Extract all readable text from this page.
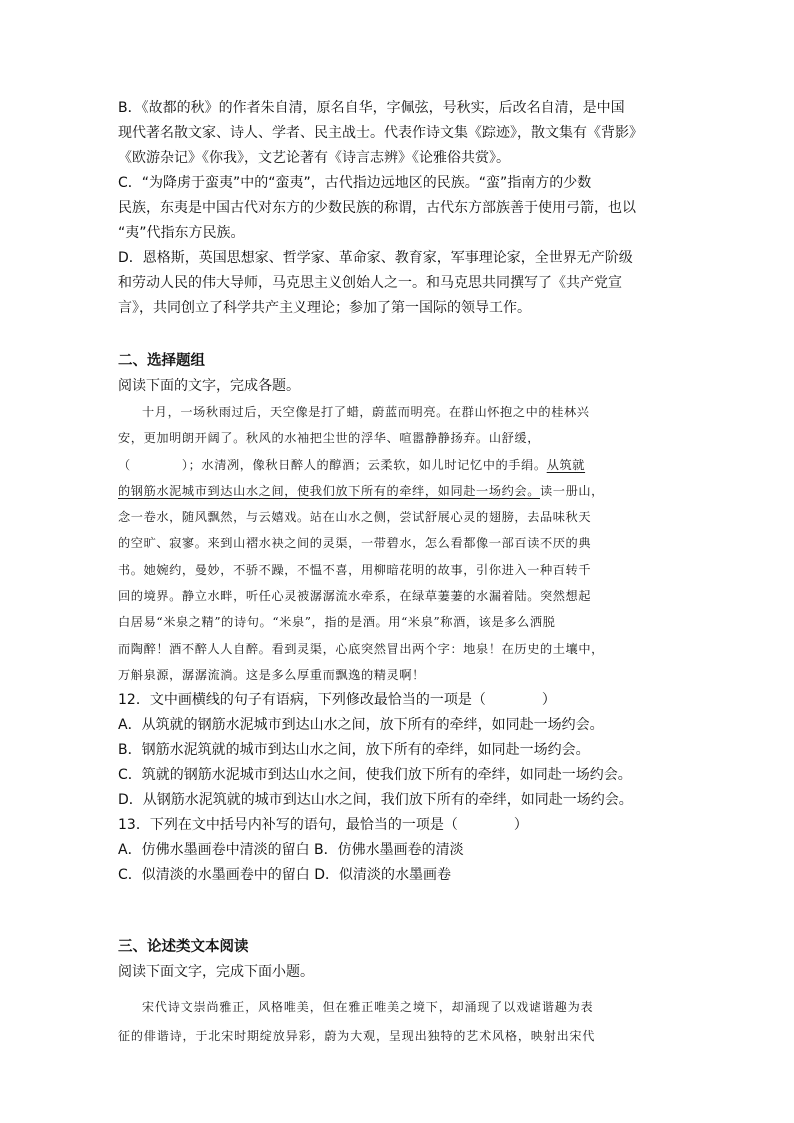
B．《故都的秋》的作者朱自清，原名自华，字佩弦，号秋实，后改名自清，是中国
现代著名散文家、诗人、学者、民主战士。代表作诗文集《踪迹》，散文集有《背影》
《欧游杂记》《你我》，文艺论著有《诗言志辨》《论雅俗共赏》。
C．“为降虏于蛮夷”中的“蛮夷”，古代指边远地区的民族。“蛮”指南方的少数
民族，东夷是中国古代对东方的少数民族的称谓，古代东方部族善于使用弓箭，也以
“夷”代指东方民族。
D．恩格斯，英国思想家、哲学家、革命家、教育家，军事理论家，全世界无产阶级
和劳动人民的伟大导师，马克思主义创始人之一。和马克思共同撰写了《共产党宣
言》，共同创立了科学共产主义理论；参加了第一国际的领导工作。
二、选择题组
阅读下面的文字，完成各题。
十月，一场秋雨过后，天空像是打了蜡，蔚蓝而明亮。在群山怀抱之中的桂林兴
安，更加明朗开阔了。秋风的水袖把尘世的浮华、喧嚣静静扬弃。山舒缓，
（　　　　）；水清冽，像秋日醉人的醇酒；云柔软，如儿时记忆中的手绢。从筑就
的钢筋水泥城市到达山水之间，使我们放下所有的牵绊，如同赴一场约会。读一册山，
念一卷水，随风飘然，与云嬉戏。站在山水之侧，尝试舒展心灵的翅膀，去品味秋天
的空旷、寂寥。来到山褶水袂之间的灵渠，一带碧水，怎么看都像一部百读不厌的典
书。她婉约，曼妙，不骄不躁，不愠不喜，用柳暗花明的故事，引你进入一种百转千
回的境界。静立水畔，听任心灵被潺潺流水牵系，在绿草萋萋的水漏着陆。突然想起
白居易“米泉之精”的诗句。“米泉”，指的是酒。用“米泉”称酒，该是多么洒脱
而陶醉！酒不醉人人自醉。看到灵渠，心底突然冒出两个字：地泉！在历史的土壤中，
万斛泉源，潺潺流淌。这是多么厚重而飘逸的精灵啊！
12．文中画横线的句子有语病，下列修改最恰当的一项是（　　　　）
A．从筑就的钢筋水泥城市到达山水之间，放下所有的牵绊，如同赴一场约会。
B．钢筋水泥筑就的城市到达山水之间，放下所有的牵绊，如同赴一场约会。
C．筑就的钢筋水泥城市到达山水之间，使我们放下所有的牵绊，如同赴一场约会。
D．从钢筋水泥筑就的城市到达山水之间，我们放下所有的牵绊，如同赴一场约会。
13．下列在文中括号内补写的语句，最恰当的一项是（　　　　）
A．仿佛水墨画卷中清淡的留白 B．仿佛水墨画卷的清淡
C．似清淡的水墨画卷中的留白 D．似清淡的水墨画卷
三、论述类文本阅读
阅读下面文字，完成下面小题。
宋代诗文崇尚雅正，风格唯美，但在雅正唯美之境下，却涌现了以戏谑谐趣为表
征的俳谐诗，于北宋时期绽放异彩，蔚为大观，呈现出独特的艺术风格，映射出宋代
